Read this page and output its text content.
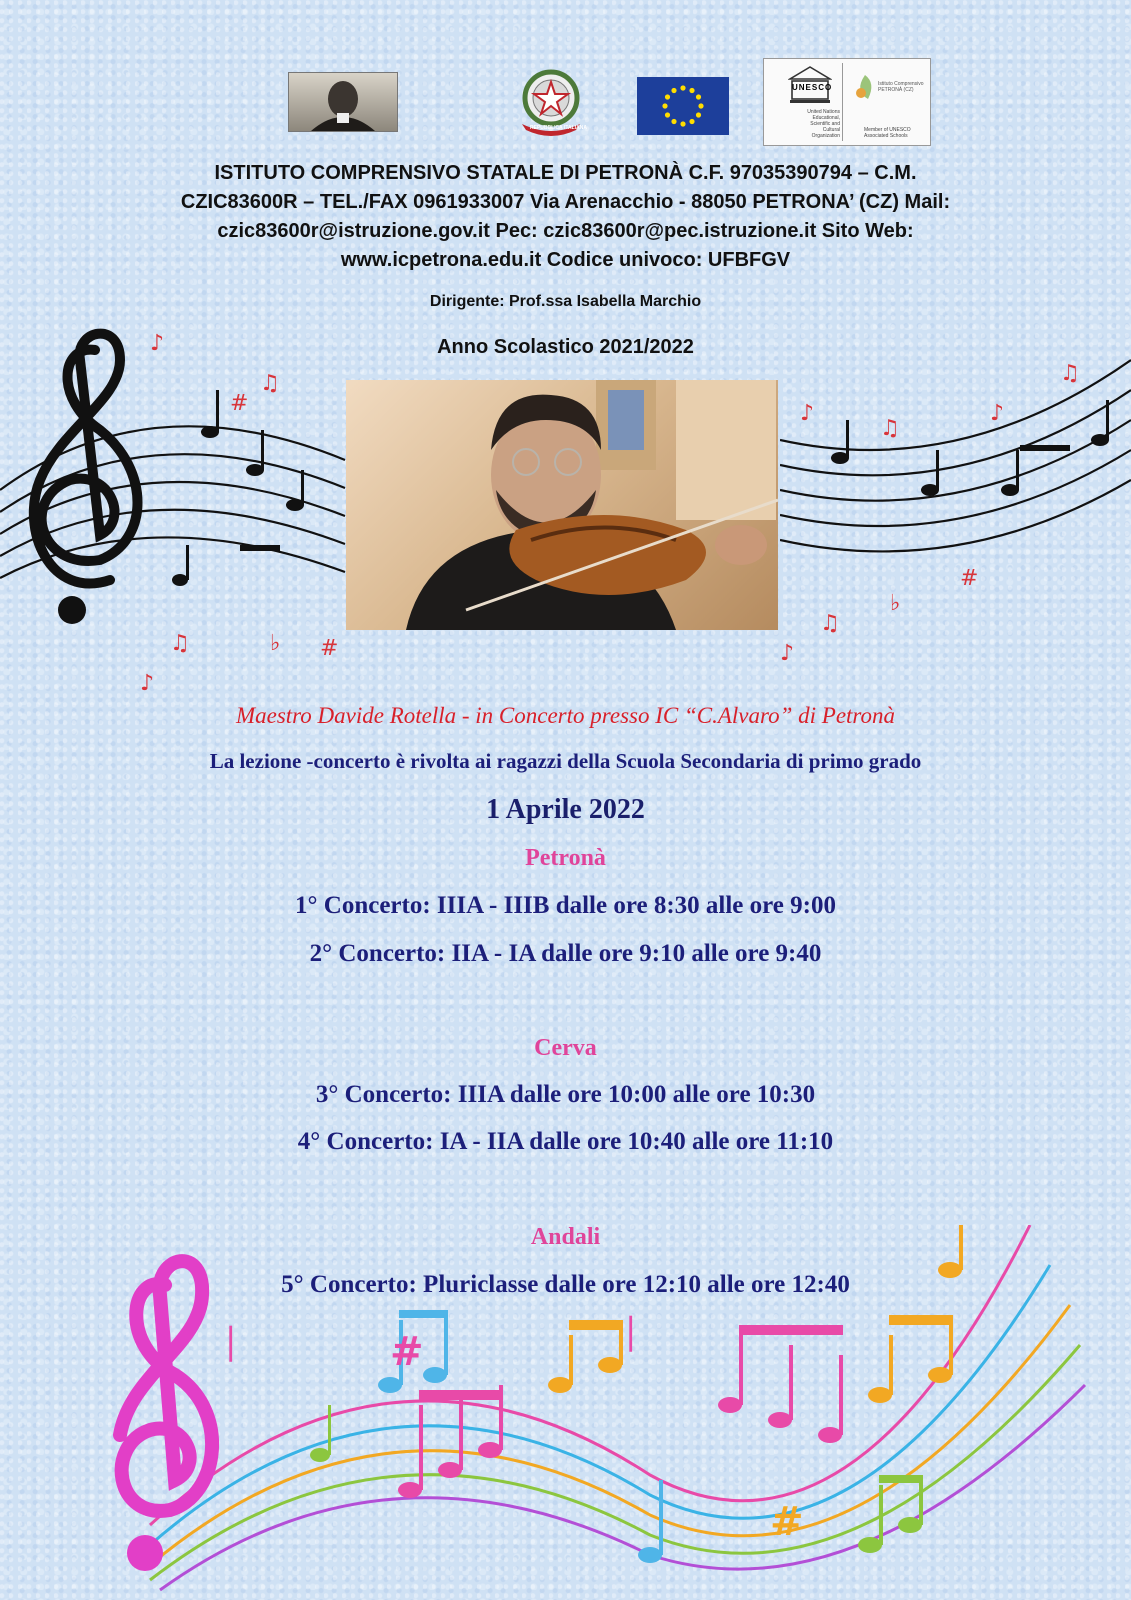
REPUBBLICA ITALIANA
UNESCO
United Nations Educational, Scientific and Cultural Organization
Istituto Comprensivo PETRONÀ (CZ)
Member of UNESCO Associated Schools
ISTITUTO COMPRENSIVO STATALE DI PETRONÀ C.F. 97035390794 – C.M.
CZIC83600R – TEL./FAX 0961933007 Via Arenacchio - 88050 PETRONA’ (CZ) Mail:
czic83600r@istruzione.gov.it Pec: czic83600r@pec.istruzione.it Sito Web:
www.icpetrona.edu.it Codice univoco: UFBFGV
Dirigente: Prof.ssa Isabella Marchio
Anno Scolastico 2021/2022
♪
♫
#
♫	♭ #
♪
♪
♫
♪
♫
♭
#
♫
♪
Maestro Davide Rotella - in Concerto presso IC “C.Alvaro” di Petronà
La lezione -concerto è rivolta ai ragazzi della Scuola Secondaria di primo grado
1 Aprile 2022
Petronà
1° Concerto: IIIA - IIIB dalle ore 8:30 alle ore 9:00
2° Concerto: IIA - IA dalle ore 9:10 alle ore 9:40
Cerva
3° Concerto: IIIA dalle ore 10:00 alle ore 10:30
4° Concerto: IA - IIA dalle ore 10:40 alle ore 11:10
Andali
5° Concerto: Pluriclasse dalle ore 12:10 alle ore 12:40
#
#
𝄀	𝄀
